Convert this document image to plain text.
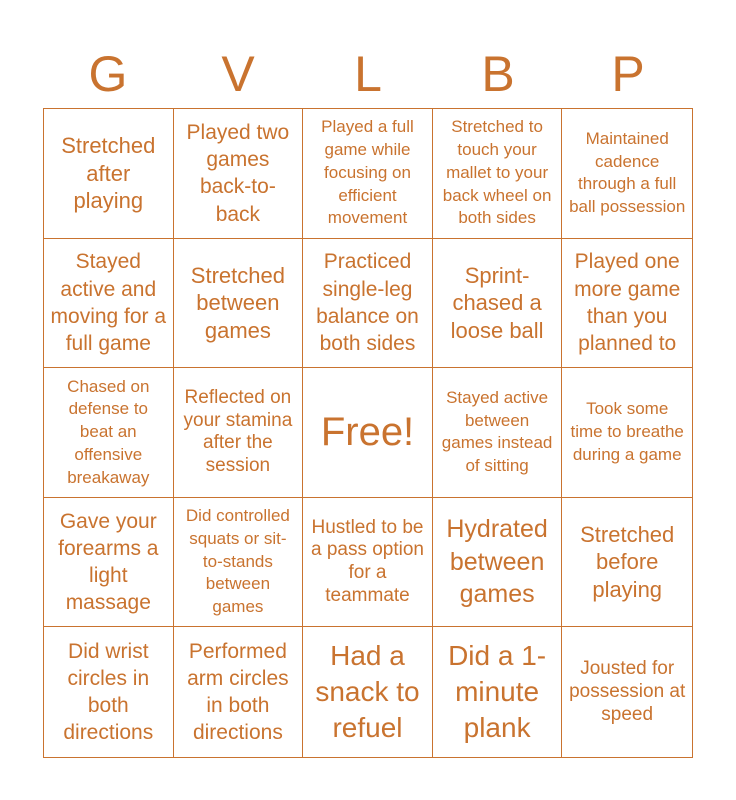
G	V	L	B	P
Stretched after playing
Played two games back-to-back
Played a full game while focusing on efficient movement
Stretched to touch your mallet to your back wheel on both sides
Maintained cadence through a full ball possession
Stayed active and moving for a full game
Stretched between games
Practiced single-leg balance on both sides
Sprint-chased a loose ball
Played one more game than you planned to
Chased on defense to beat an offensive breakaway
Reflected on your stamina after the session
Free!
Stayed active between games instead of sitting
Took some time to breathe during a game
Gave your forearms a light massage
Did controlled squats or sit-to-stands between games
Hustled to be a pass option for a teammate
Hydrated between games
Stretched before playing
Did wrist circles in both directions
Performed arm circles in both directions
Had a snack to refuel
Did a 1-minute plank
Jousted for possession at speed
